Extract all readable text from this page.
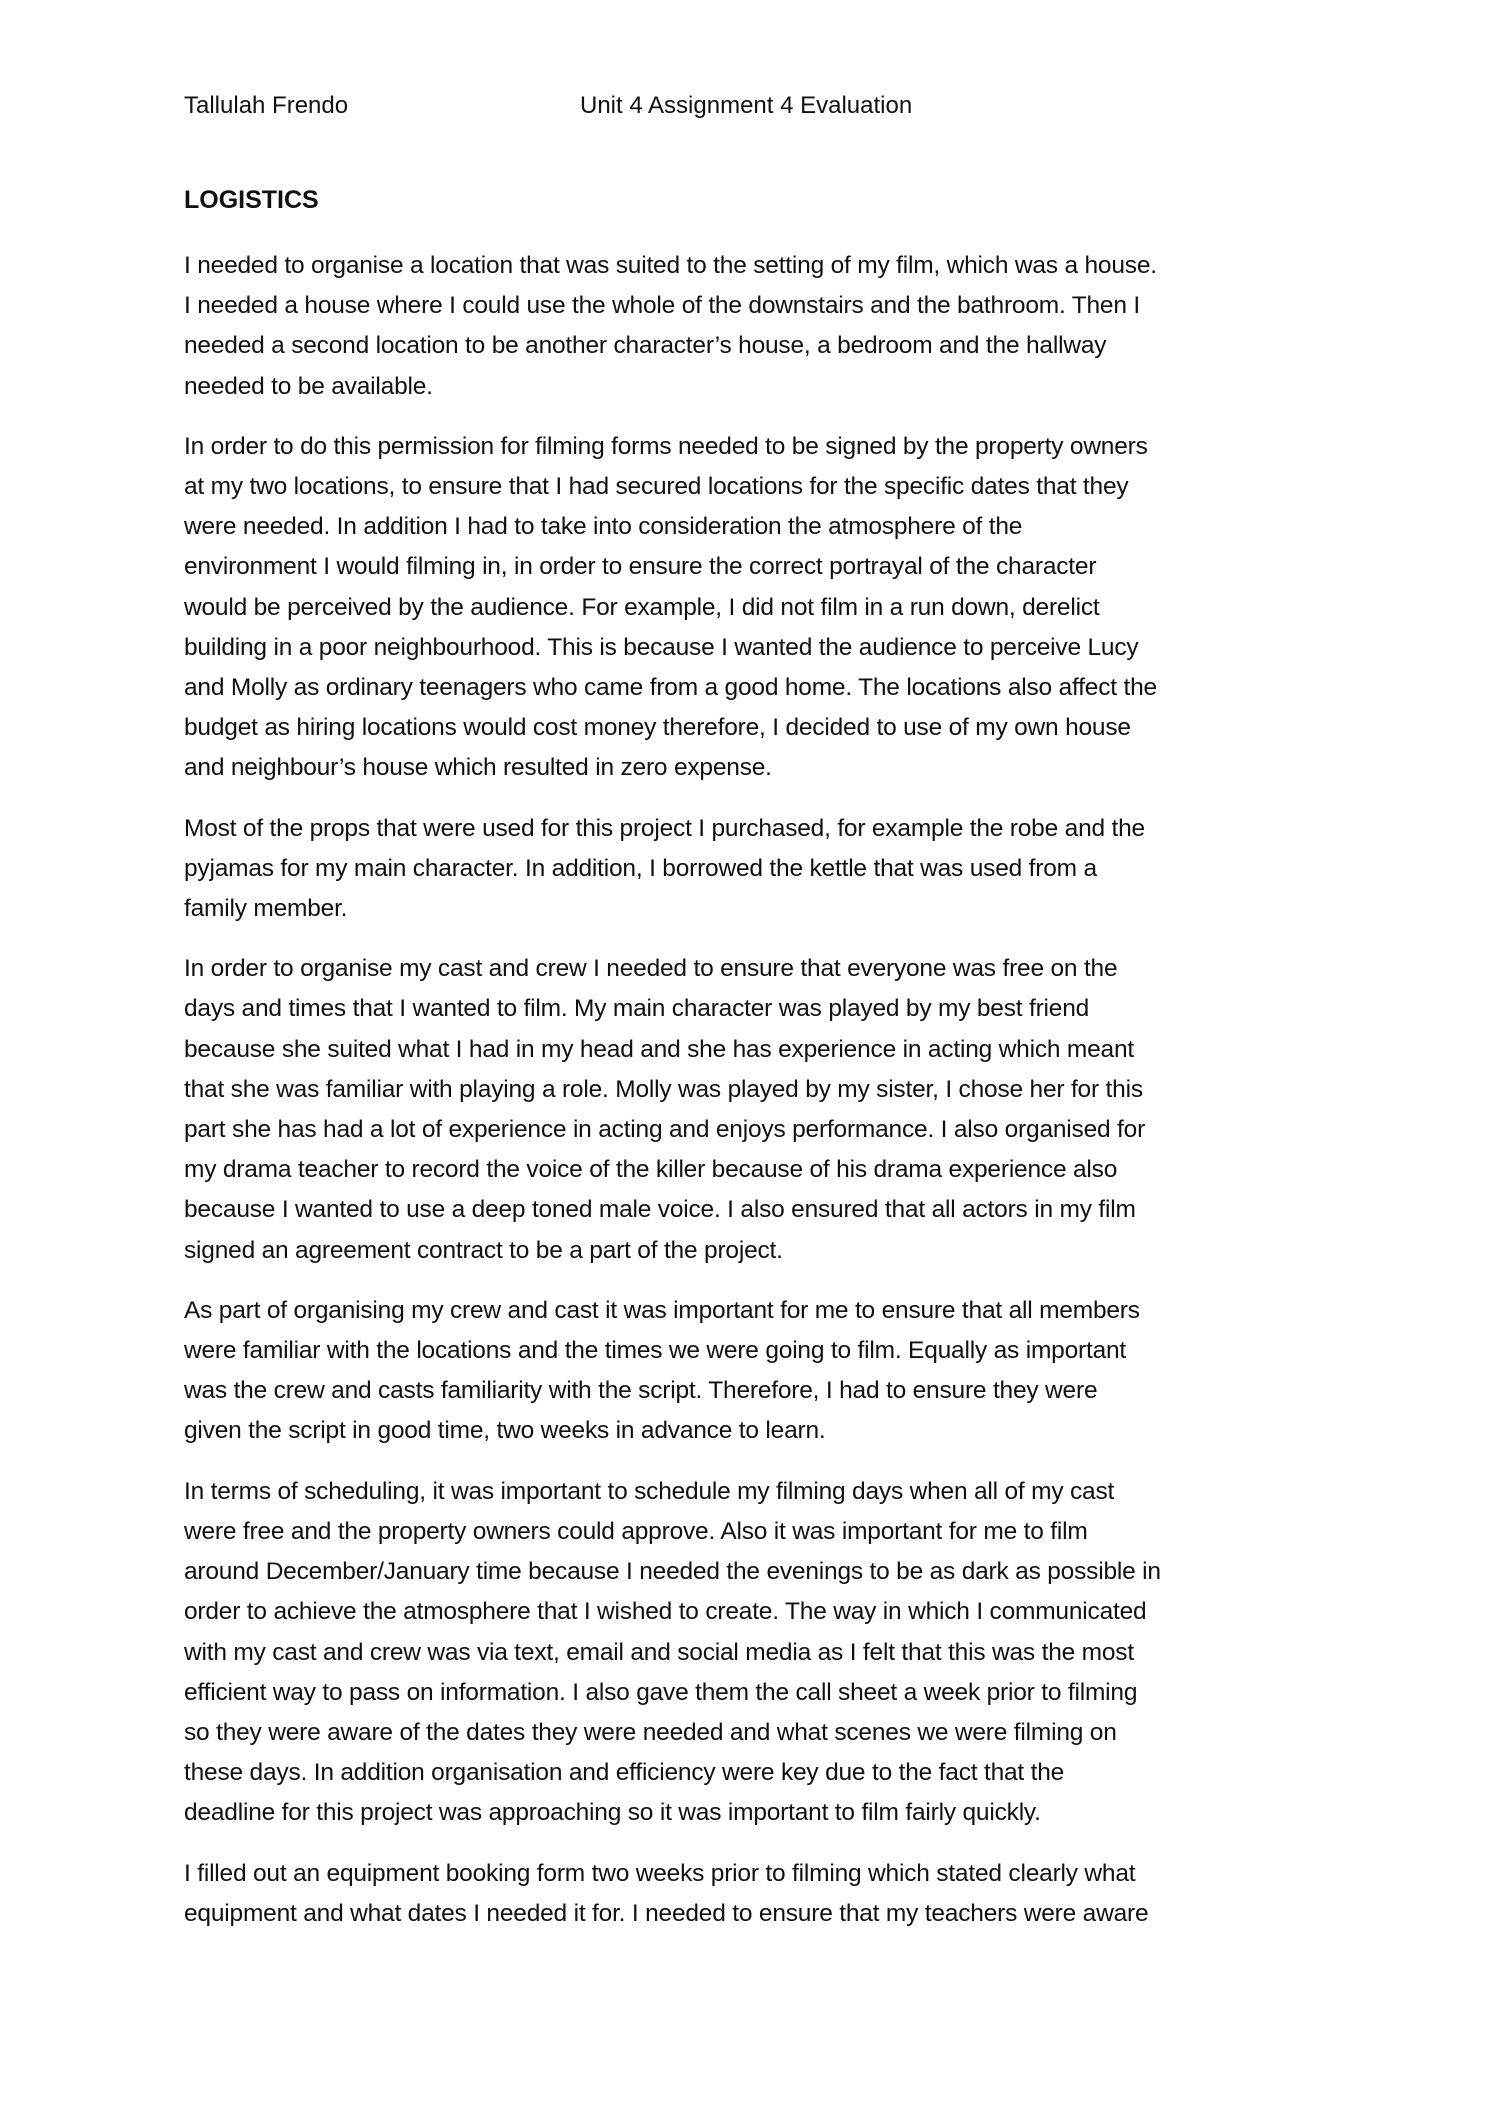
Tallulah Frendo	Unit 4 Assignment 4 Evaluation
LOGISTICS

I needed to organise a location that was suited to the setting of my film, which was a house.
I needed a house where I could use the whole of the downstairs and the bathroom. Then I
needed a second location to be another character’s house, a bedroom and the hallway
needed to be available.

In order to do this permission for filming forms needed to be signed by the property owners
at my two locations, to ensure that I had secured locations for the specific dates that they
were needed. In addition I had to take into consideration the atmosphere of the
environment I would filming in, in order to ensure the correct portrayal of the character
would be perceived by the audience. For example, I did not film in a run down, derelict
building in a poor neighbourhood. This is because I wanted the audience to perceive Lucy
and Molly as ordinary teenagers who came from a good home. The locations also affect the
budget as hiring locations would cost money therefore, I decided to use of my own house
and neighbour’s house which resulted in zero expense.

Most of the props that were used for this project I purchased, for example the robe and the
pyjamas for my main character. In addition, I borrowed the kettle that was used from a
family member.

In order to organise my cast and crew I needed to ensure that everyone was free on the
days and times that I wanted to film. My main character was played by my best friend
because she suited what I had in my head and she has experience in acting which meant
that she was familiar with playing a role. Molly was played by my sister, I chose her for this
part she has had a lot of experience in acting and enjoys performance. I also organised for
my drama teacher to record the voice of the killer because of his drama experience also
because I wanted to use a deep toned male voice. I also ensured that all actors in my film
signed an agreement contract to be a part of the project.

As part of organising my crew and cast it was important for me to ensure that all members
were familiar with the locations and the times we were going to film. Equally as important
was the crew and casts familiarity with the script. Therefore, I had to ensure they were
given the script in good time, two weeks in advance to learn.

In terms of scheduling, it was important to schedule my filming days when all of my cast
were free and the property owners could approve. Also it was important for me to film
around December/January time because I needed the evenings to be as dark as possible in
order to achieve the atmosphere that I wished to create. The way in which I communicated
with my cast and crew was via text, email and social media as I felt that this was the most
efficient way to pass on information. I also gave them the call sheet a week prior to filming
so they were aware of the dates they were needed and what scenes we were filming on
these days. In addition organisation and efficiency were key due to the fact that the
deadline for this project was approaching so it was important to film fairly quickly.

I filled out an equipment booking form two weeks prior to filming which stated clearly what
equipment and what dates I needed it for. I needed to ensure that my teachers were aware
